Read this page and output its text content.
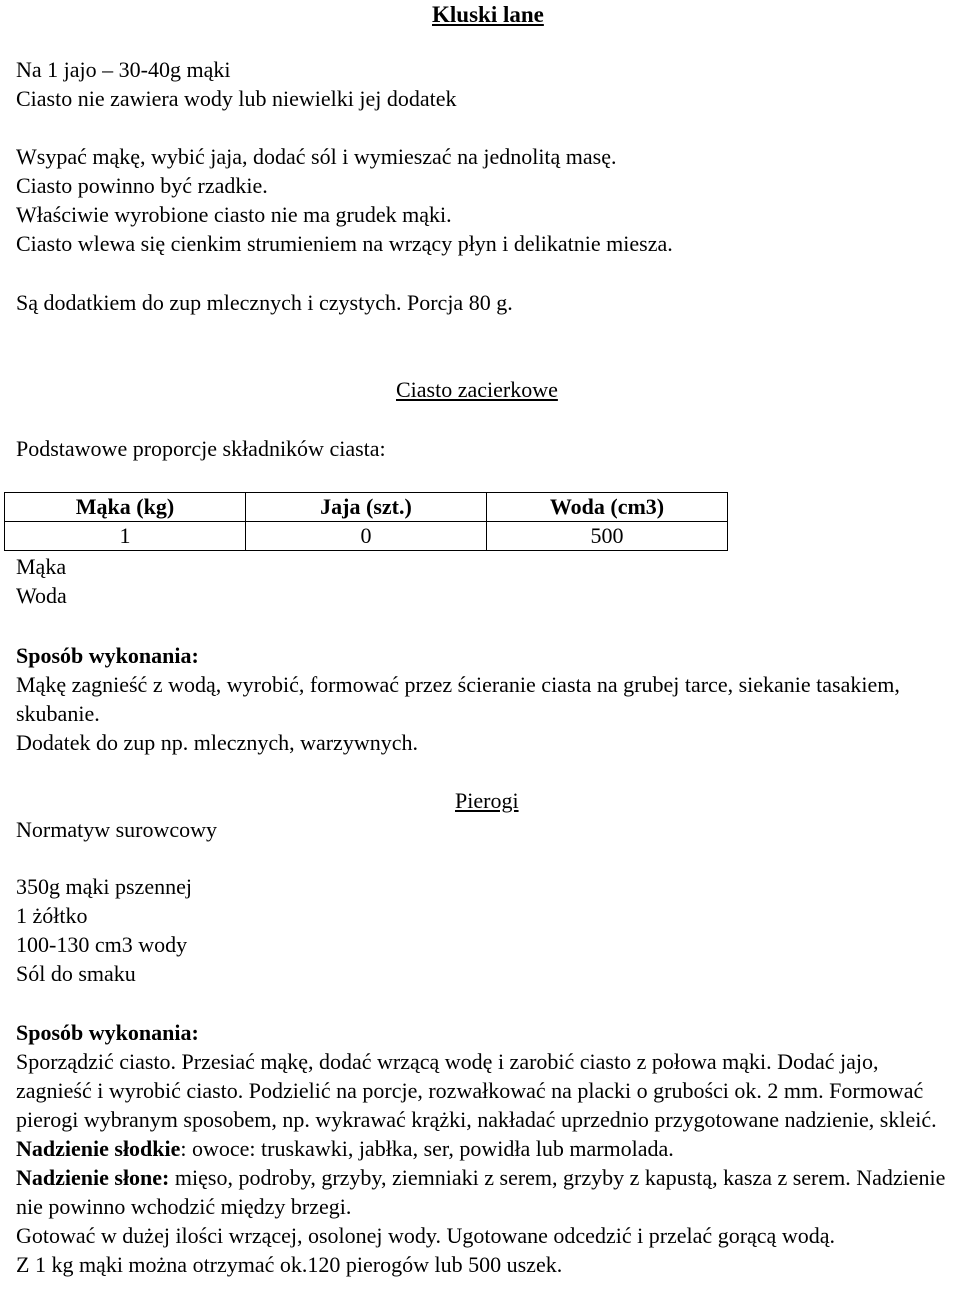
Kluski lane
Na 1 jajo – 30-40g mąki
Ciasto nie zawiera wody lub niewielki jej dodatek
Wsypać mąkę, wybić jaja, dodać sól i wymieszać na jednolitą masę.
Ciasto powinno być rzadkie.
Właściwie wyrobione ciasto nie ma grudek mąki.
Ciasto wlewa się cienkim strumieniem na wrzący płyn i delikatnie miesza.
Są dodatkiem do zup mlecznych i czystych. Porcja 80 g.
Ciasto zacierkowe
Podstawowe proporcje składników ciasta:
Mąka (kg)	Jaja (szt.)	Woda (cm3)
1	0	500
Mąka
Woda
Sposób wykonania:

Mąkę zagnieść z wodą, wyrobić, formować przez ścieranie ciasta na grubej tarce, siekanie tasakiem, skubanie.

Dodatek do zup np. mlecznych, warzywnych.

Pierogi
Normatyw surowcowy
350g mąki pszennej
1 żółtko
100-130 cm3 wody
Sól do smaku
Sposób wykonania:

Sporządzić ciasto. Przesiać mąkę, dodać wrzącą wodę i zarobić ciasto z połowa mąki. Dodać jajo, zagnieść i wyrobić ciasto. Podzielić na porcje, rozwałkować na placki o grubości ok. 2 mm. Formować pierogi wybranym sposobem, np. wykrawać krążki, nakładać uprzednio przygotowane nadzienie, skleić.

Nadzienie słodkie: owoce: truskawki, jabłka, ser, powidła lub marmolada.

Nadzienie słone: mięso, podroby, grzyby, ziemniaki z serem, grzyby z kapustą, kasza z serem. Nadzienie nie powinno wchodzić między brzegi.

Gotować w dużej ilości wrzącej, osolonej wody. Ugotowane odcedzić i przelać gorącą wodą.

Z 1 kg mąki można otrzymać ok.120 pierogów lub 500 uszek.
